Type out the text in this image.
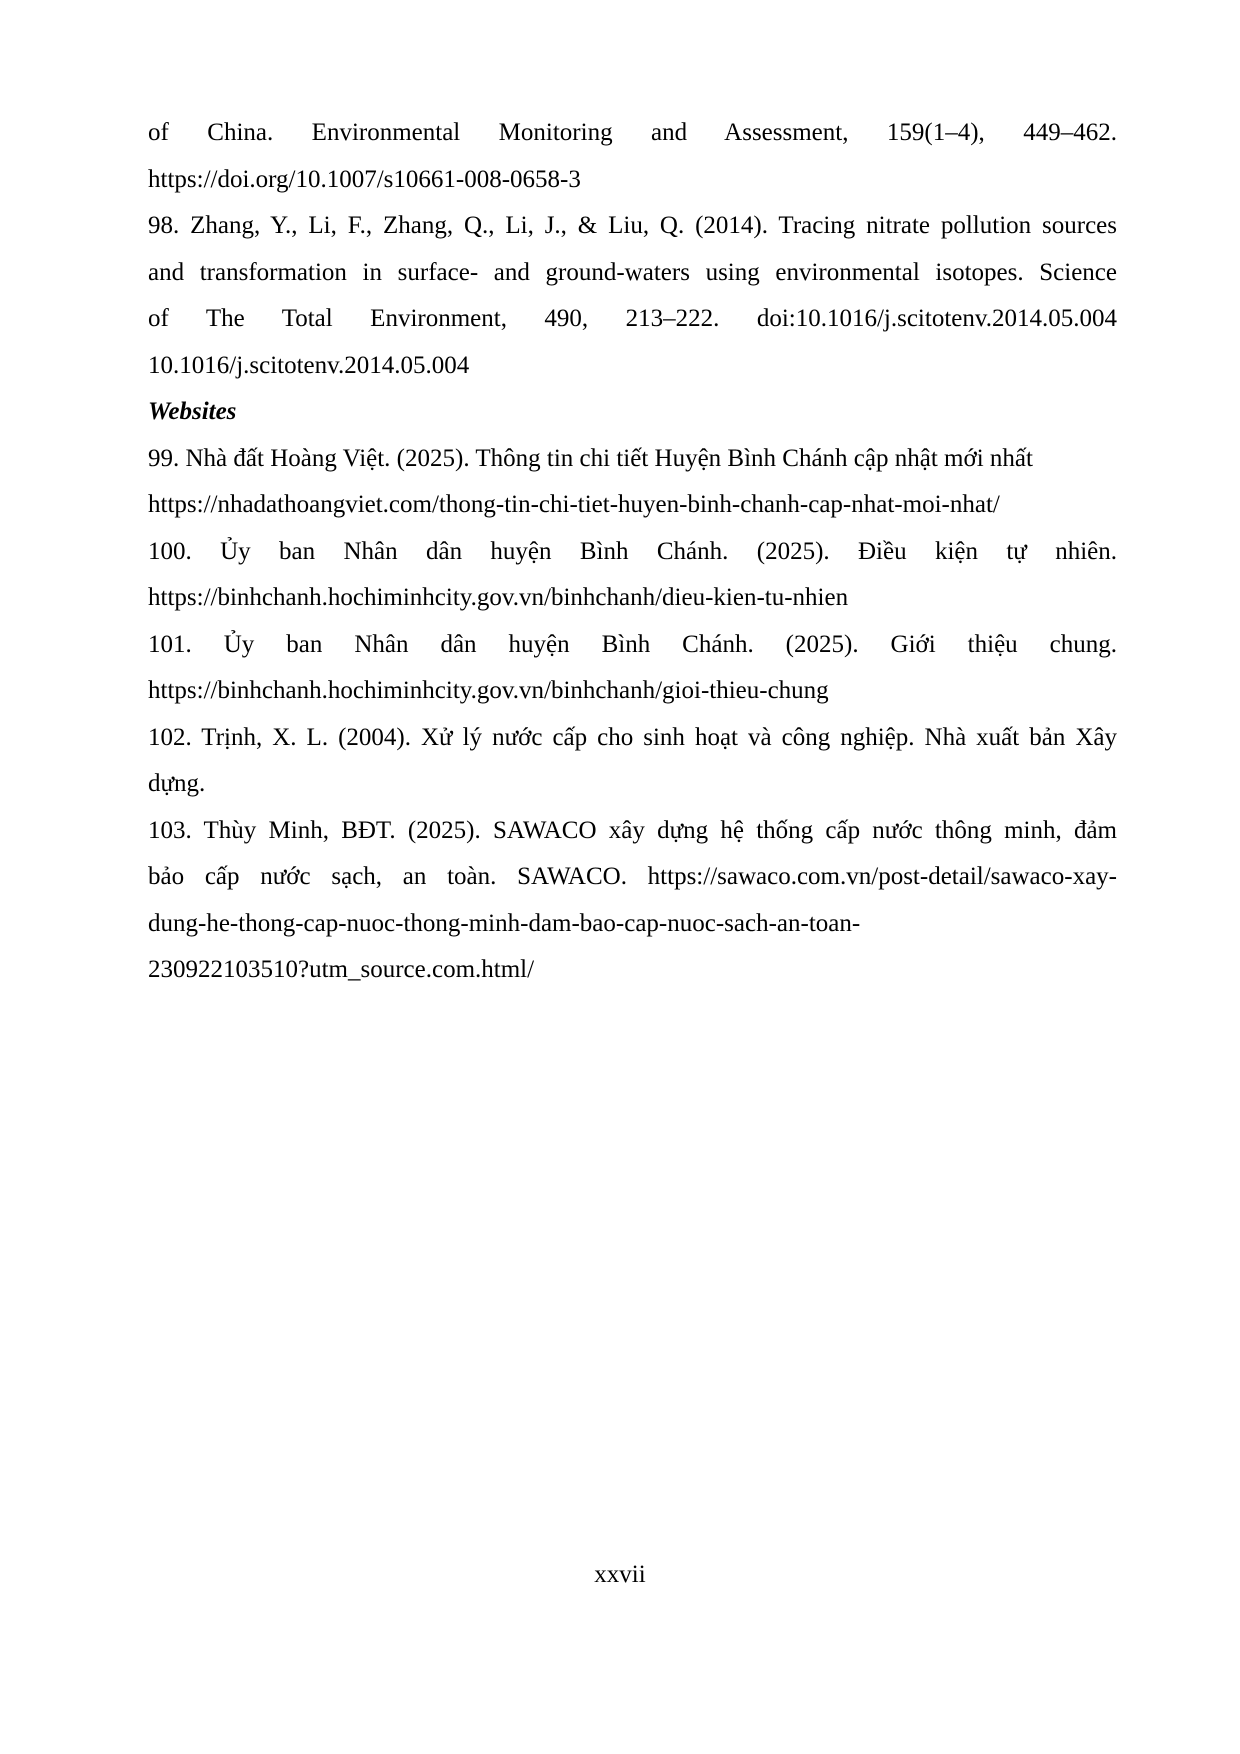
of China. Environmental Monitoring and Assessment, 159(1–4), 449–462.
https://doi.org/10.1007/s10661-008-0658-3
98. Zhang, Y., Li, F., Zhang, Q., Li, J., & Liu, Q. (2014). Tracing nitrate pollution sources
and transformation in surface- and ground-waters using environmental isotopes. Science
of The Total Environment, 490, 213–222. doi:10.1016/j.scitotenv.2014.05.004
10.1016/j.scitotenv.2014.05.004
Websites
99. Nhà đất Hoàng Việt. (2025). Thông tin chi tiết Huyện Bình Chánh cập nhật mới nhất
https://nhadathoangviet.com/thong-tin-chi-tiet-huyen-binh-chanh-cap-nhat-moi-nhat/
100. Ủy ban Nhân dân huyện Bình Chánh. (2025). Điều kiện tự nhiên.
https://binhchanh.hochiminhcity.gov.vn/binhchanh/dieu-kien-tu-nhien
101. Ủy ban Nhân dân huyện Bình Chánh. (2025). Giới thiệu chung.
https://binhchanh.hochiminhcity.gov.vn/binhchanh/gioi-thieu-chung
102. Trịnh, X. L. (2004). Xử lý nước cấp cho sinh hoạt và công nghiệp. Nhà xuất bản Xây
dựng.
103. Thùy Minh, BĐT. (2025). SAWACO xây dựng hệ thống cấp nước thông minh, đảm
bảo cấp nước sạch, an toàn. SAWACO. https://sawaco.com.vn/post-detail/sawaco-xay-
dung-he-thong-cap-nuoc-thong-minh-dam-bao-cap-nuoc-sach-an-toan-
230922103510?utm_source.com.html/
xxvii
